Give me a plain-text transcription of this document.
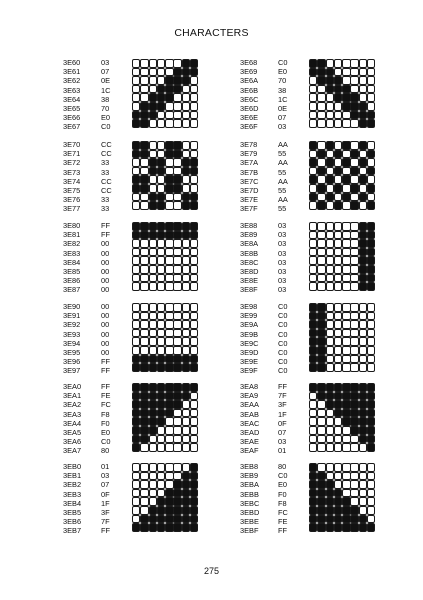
CHARACTERS
3E60
3E61
3E62
3E63
3E64
3E65
3E66
3E67
03
07
0E
1C
38
70
E0
C0
3E68
3E69
3E6A
3E6B
3E6C
3E6D
3E6E
3E6F
C0
E0
70
38
1C
0E
07
03
3E70
3E71
3E72
3E73
3E74
3E75
3E76
3E77
CC
CC
33
33
CC
CC
33
33
3E78
3E79
3E7A
3E7B
3E7C
3E7D
3E7E
3E7F
AA
55
AA
55
AA
55
AA
55
3E80
3E81
3E82
3E83
3E84
3E85
3E86
3E87
FF
FF
00
00
00
00
00
00
3E88
3E89
3E8A
3E8B
3E8C
3E8D
3E8E
3E8F
03
03
03
03
03
03
03
03
3E90
3E91
3E92
3E93
3E94
3E95
3E96
3E97
00
00
00
00
00
00
FF
FF
3E98
3E99
3E9A
3E9B
3E9C
3E9D
3E9E
3E9F
C0
C0
C0
C0
C0
C0
C0
C0
3EA0
3EA1
3EA2
3EA3
3EA4
3EA5
3EA6
3EA7
FF
FE
FC
F8
F0
E0
C0
80
3EA8
3EA9
3EAA
3EAB
3EAC
3EAD
3EAE
3EAF
FF
7F
3F
1F
0F
07
03
01
3EB0
3EB1
3EB2
3EB3
3EB4
3EB5
3EB6
3EB7
01
03
07
0F
1F
3F
7F
FF
3EB8
3EB9
3EBA
3EBB
3EBC
3EBD
3EBE
3EBF
80
C0
E0
F0
F8
FC
FE
FF
275
